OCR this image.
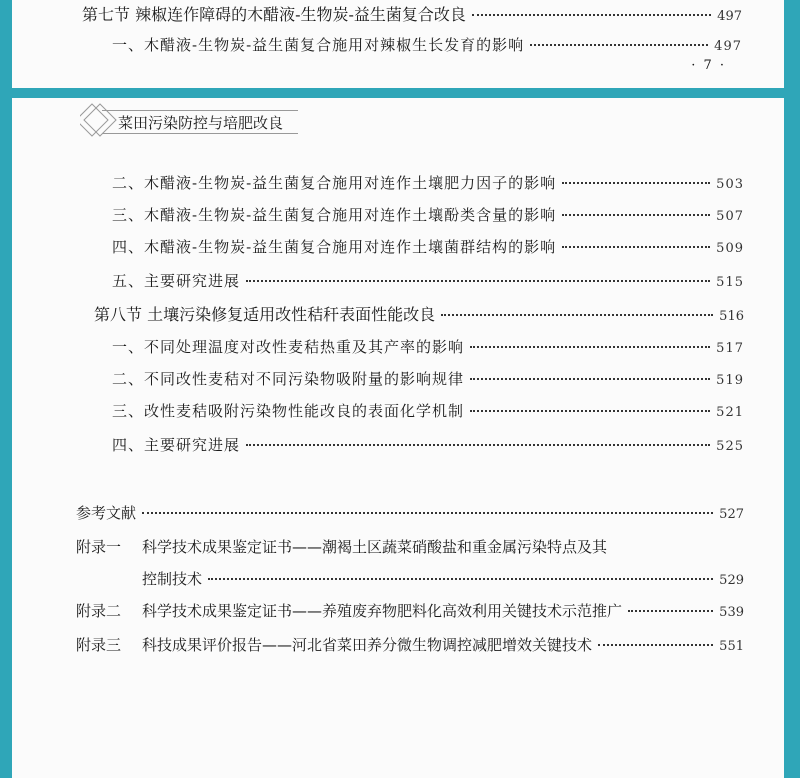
第七节 辣椒连作障碍的木醋液-生物炭-益生菌复合改良	497
一、木醋液-生物炭-益生菌复合施用对辣椒生长发育的影响	497
· 7 ·
菜田污染防控与培肥改良
二、木醋液-生物炭-益生菌复合施用对连作土壤肥力因子的影响	503
三、木醋液-生物炭-益生菌复合施用对连作土壤酚类含量的影响	507
四、木醋液-生物炭-益生菌复合施用对连作土壤菌群结构的影响	509
五、主要研究进展	515
第八节 土壤污染修复适用改性秸秆表面性能改良	516
一、不同处理温度对改性麦秸热重及其产率的影响	517
二、不同改性麦秸对不同污染物吸附量的影响规律	519
三、改性麦秸吸附污染物性能改良的表面化学机制	521
四、主要研究进展	525
参考文献	527
附录一	科学技术成果鉴定证书——潮褐土区蔬菜硝酸盐和重金属污染特点及其
控制技术	529
附录二	科学技术成果鉴定证书——养殖废弃物肥料化高效利用关键技术示范推广	539
附录三	科技成果评价报告——河北省菜田养分微生物调控减肥增效关键技术	551
